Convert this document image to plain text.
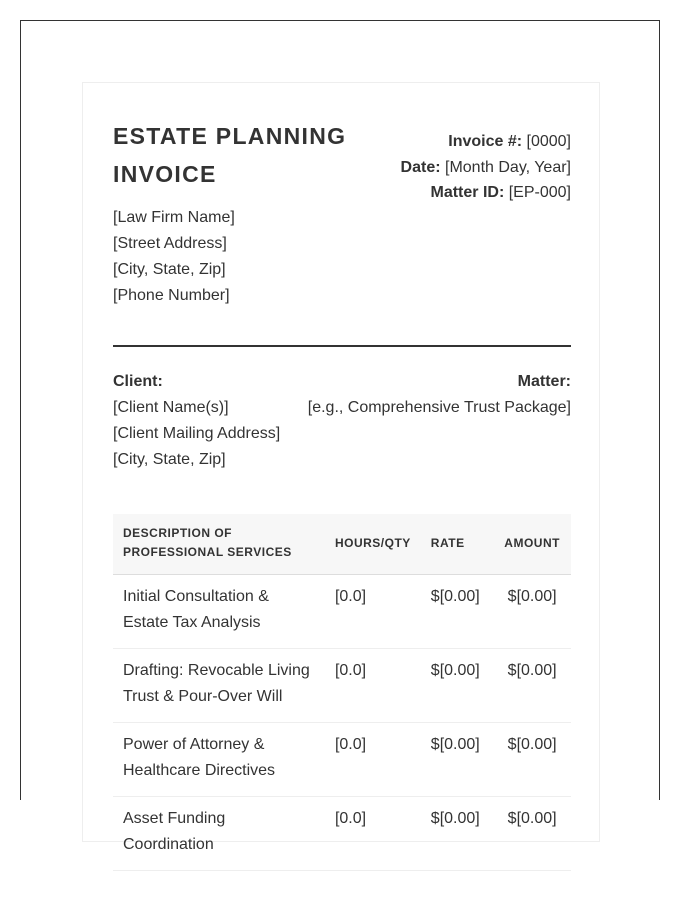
ESTATE PLANNING INVOICE
[Law Firm Name]
[Street Address]
[City, State, Zip]
[Phone Number]
Invoice #: [0000]
Date: [Month Day, Year]
Matter ID: [EP-000]
Client:
[Client Name(s)]
[Client Mailing Address]
[City, State, Zip]
Matter:
[e.g., Comprehensive Trust Package]
DESCRIPTION OF PROFESSIONAL SERVICES	HOURS/QTY	RATE	AMOUNT
Initial Consultation & Estate Tax Analysis	[0.0]	$[0.00]	$[0.00]
Drafting: Revocable Living Trust & Pour-Over Will	[0.0]	$[0.00]	$[0.00]
Power of Attorney & Healthcare Directives	[0.0]	$[0.00]	$[0.00]
Asset Funding Coordination	[0.0]	$[0.00]	$[0.00]
